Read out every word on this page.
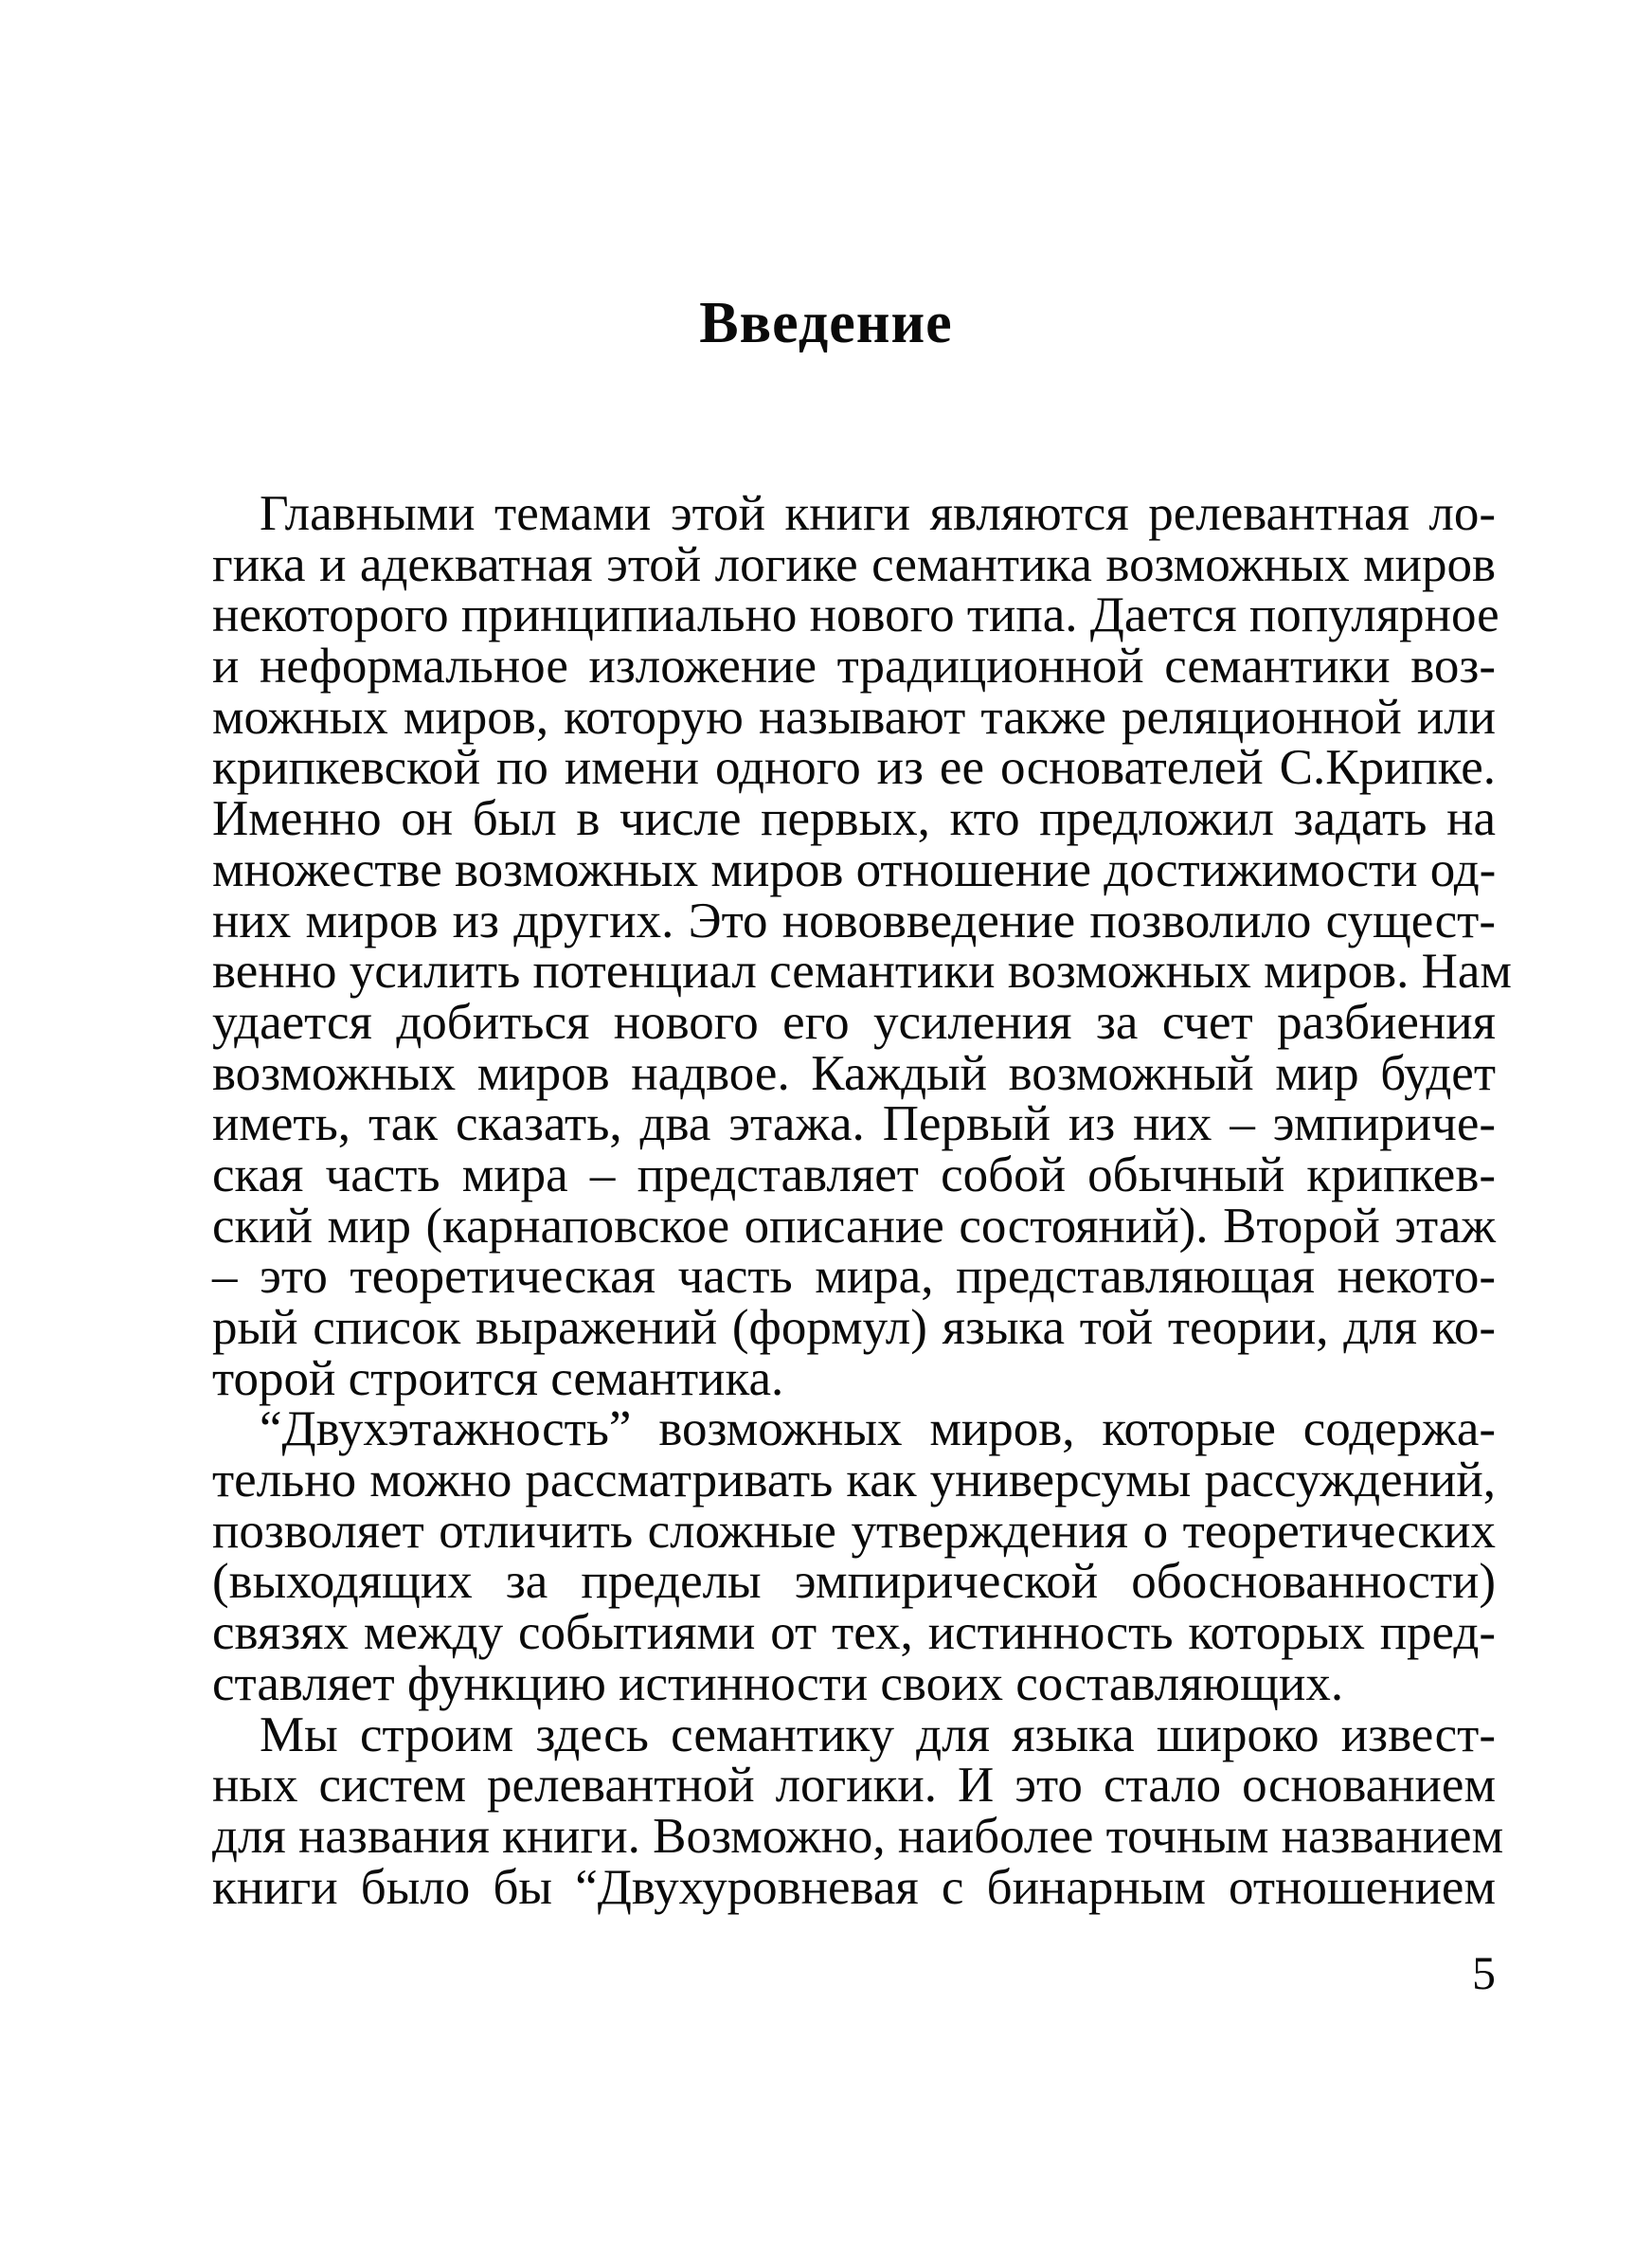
Введение
Главными темами этой книги являются релевантная ло-
гика и адекватная этой логике семантика возможных миров
некоторого принципиально нового типа. Дается популярное
и неформальное изложение традиционной семантики воз-
можных миров, которую называют также реляционной или
крипкевской по имени одного из ее основателей С.Крипке.
Именно он был в числе первых, кто предложил задать на
множестве возможных миров отношение достижимости од-
них миров из других. Это нововведение позволило сущест-
венно усилить потенциал семантики возможных миров. Нам
удается добиться нового его усиления за счет разбиения
возможных миров надвое. Каждый возможный мир будет
иметь, так сказать, два этажа. Первый из них – эмпириче-
ская часть мира – представляет собой обычный крипкев-
ский мир (карнаповское описание состояний). Второй этаж
– это теоретическая часть мира, представляющая некото-
рый список выражений (формул) языка той теории, для ко-
торой строится семантика.
“Двухэтажность” возможных миров, которые содержа-
тельно можно рассматривать как универсумы рассуждений,
позволяет отличить сложные утверждения о теоретических
(выходящих за пределы эмпирической обоснованности)
связях между событиями от тех, истинность которых пред-
ставляет функцию истинности своих составляющих.
Мы строим здесь семантику для языка широко извест-
ных систем релевантной логики. И это стало основанием
для названия книги. Возможно, наиболее точным названием
книги было бы “Двухуровневая с бинарным отношением
5
